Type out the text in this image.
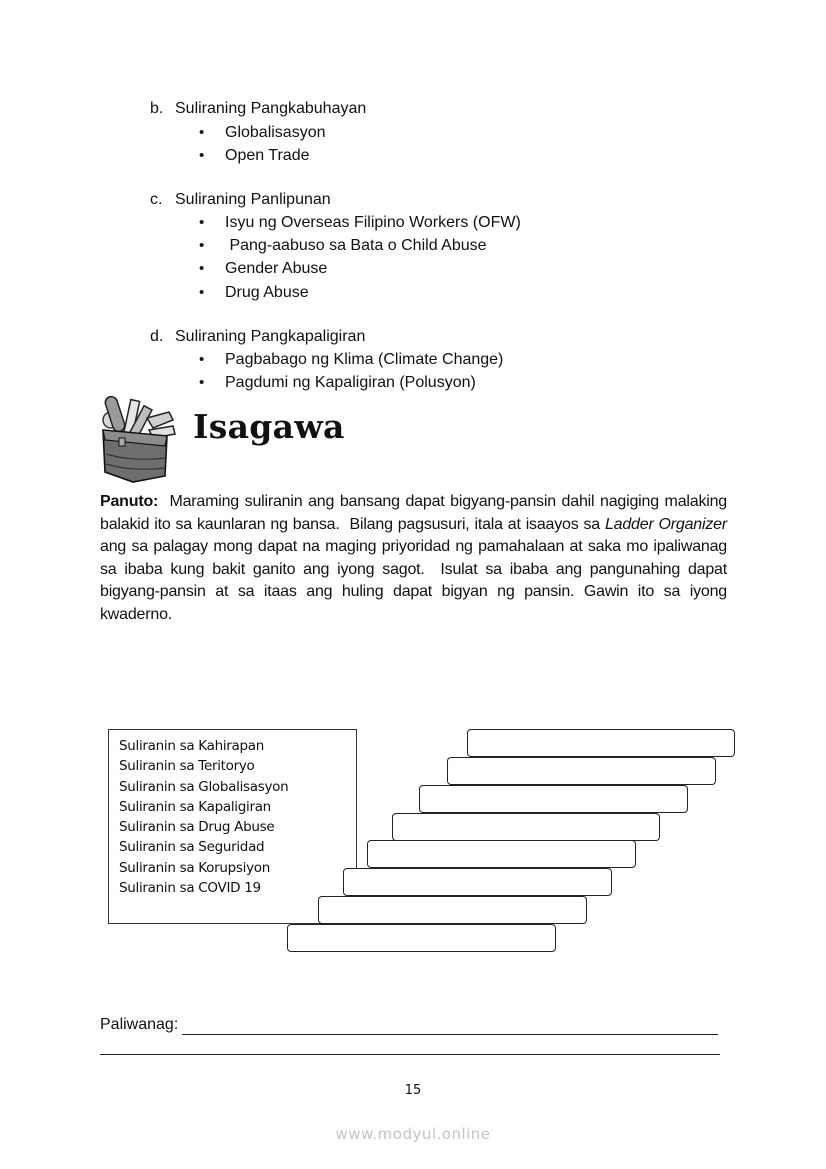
b. Suliraning Pangkabuhayan
• Globalisasyon
• Open Trade
c. Suliraning Panlipunan
• Isyu ng Overseas Filipino Workers (OFW)
• Pang-aabuso sa Bata o Child Abuse
• Gender Abuse
• Drug Abuse
d. Suliraning Pangkapaligiran
• Pagbabago ng Klima (Climate Change)
• Pagdumi ng Kapaligiran (Polusyon)
Isagawa
Panuto:  Maraming suliranin ang bansang dapat bigyang-pansin dahil nagiging malaking balakid ito sa kaunlaran ng bansa.  Bilang pagsusuri, itala at isaayos sa Ladder Organizer  ang sa palagay mong dapat na maging priyoridad ng pamahalaan at saka mo ipaliwanag sa ibaba kung bakit ganito ang iyong sagot.  Isulat sa ibaba ang pangunahing dapat bigyang-pansin at sa itaas ang huling dapat bigyan ng pansin. Gawin ito sa iyong kwaderno.
Suliranin sa Kahirapan
Suliranin sa Teritoryo
Suliranin sa Globalisasyon
Suliranin sa Kapaligiran
Suliranin sa Drug Abuse
Suliranin sa Seguridad
Suliranin sa Korupsiyon
Suliranin sa COVID 19
Paliwanag:
15
www.modyul.online
